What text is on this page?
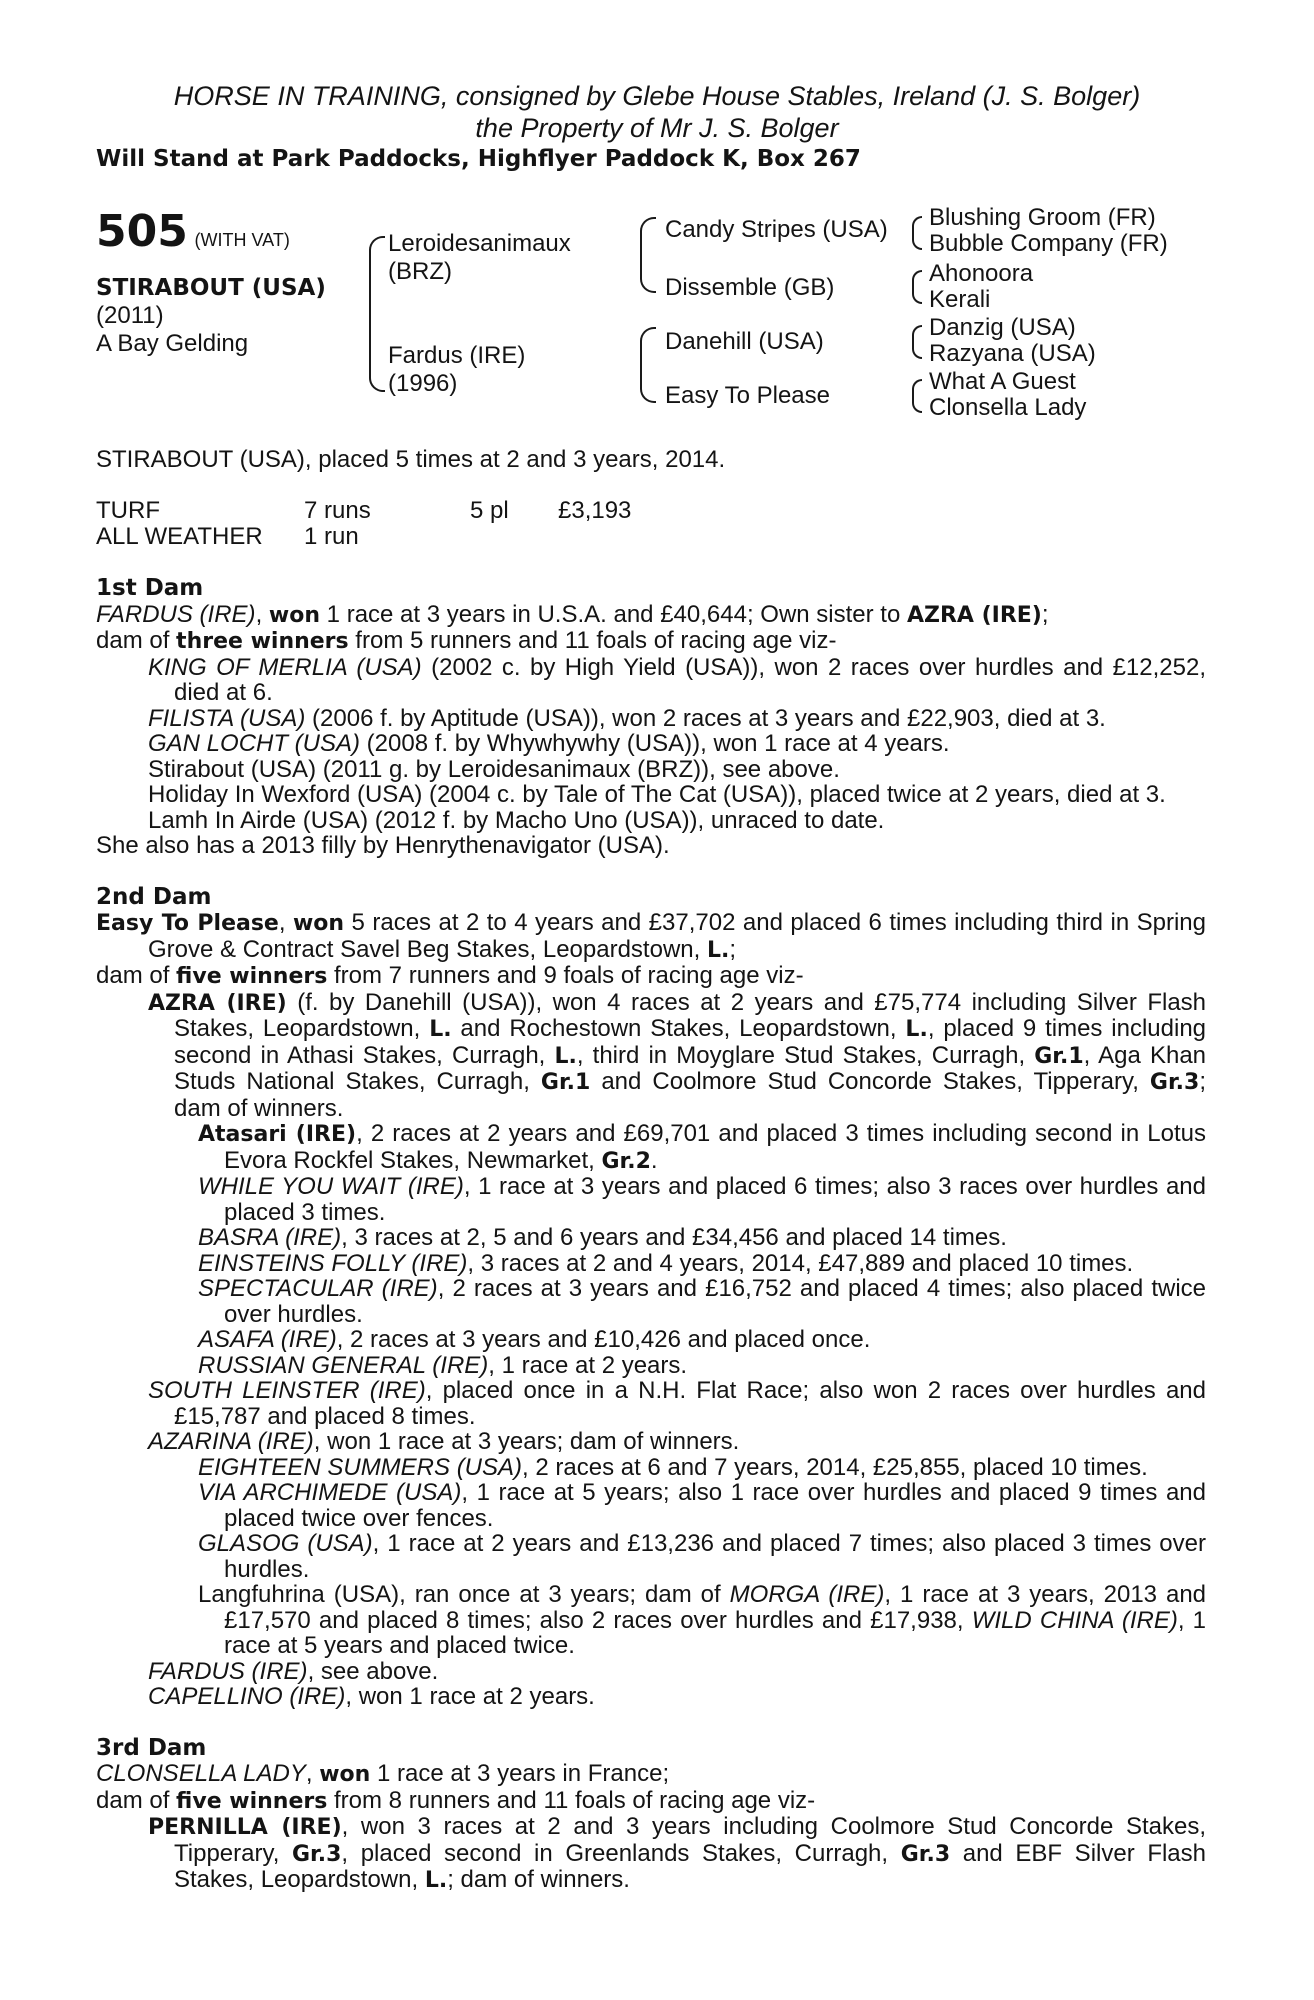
HORSE IN TRAINING, consigned by Glebe House Stables, Ireland (J. S. Bolger)
the Property of Mr J. S. Bolger
Will Stand at Park Paddocks, Highflyer Paddock K, Box 267
505 (WITH VAT)
STIRABOUT (USA)
(2011)
A Bay Gelding
Leroidesanimaux
(BRZ)
Fardus (IRE)
(1996)
Candy Stripes (USA)
Dissemble (GB)
Danehill (USA)
Easy To Please
Blushing Groom (FR)
Bubble Company (FR)
Ahonoora
Kerali
Danzig (USA)
Razyana (USA)
What A Guest
Clonsella Lady
STIRABOUT (USA), placed 5 times at 2 and 3 years, 2014.
TURF	7 runs	5 pl £3,193
ALL WEATHER 1 run
1st Dam

FARDUS (IRE), won 1 race at 3 years in U.S.A. and £40,644; Own sister to AZRA (IRE);

dam of three winners from 5 runners and 11 foals of racing age viz-

KING OF MERLIA (USA) (2002 c. by High Yield (USA)), won 2 races over hurdles and £12,252, died at 6.

FILISTA (USA) (2006 f. by Aptitude (USA)), won 2 races at 3 years and £22,903, died at 3.

GAN LOCHT (USA) (2008 f. by Whywhywhy (USA)), won 1 race at 4 years.

Stirabout (USA) (2011 g. by Leroidesanimaux (BRZ)), see above.

Holiday In Wexford (USA) (2004 c. by Tale of The Cat (USA)), placed twice at 2 years, died at 3.

Lamh In Airde (USA) (2012 f. by Macho Uno (USA)), unraced to date.

She also has a 2013 filly by Henrythenavigator (USA).

2nd Dam

Easy To Please, won 5 races at 2 to 4 years and £37,702 and placed 6 times including third in Spring Grove & Contract Savel Beg Stakes, Leopardstown, L.;

dam of five winners from 7 runners and 9 foals of racing age viz-

AZRA (IRE) (f. by Danehill (USA)), won 4 races at 2 years and £75,774 including Silver Flash Stakes, Leopardstown, L. and Rochestown Stakes, Leopardstown, L., placed 9 times including second in Athasi Stakes, Curragh, L., third in Moyglare Stud Stakes, Curragh, Gr.1, Aga Khan Studs National Stakes, Curragh, Gr.1 and Coolmore Stud Concorde Stakes, Tipperary, Gr.3; dam of winners.

Atasari (IRE), 2 races at 2 years and £69,701 and placed 3 times including second in Lotus Evora Rockfel Stakes, Newmarket, Gr.2.

WHILE YOU WAIT (IRE), 1 race at 3 years and placed 6 times; also 3 races over hurdles and placed 3 times.

BASRA (IRE), 3 races at 2, 5 and 6 years and £34,456 and placed 14 times.

EINSTEINS FOLLY (IRE), 3 races at 2 and 4 years, 2014, £47,889 and placed 10 times.

SPECTACULAR (IRE), 2 races at 3 years and £16,752 and placed 4 times; also placed twice over hurdles.

ASAFA (IRE), 2 races at 3 years and £10,426 and placed once.

RUSSIAN GENERAL (IRE), 1 race at 2 years.

SOUTH LEINSTER (IRE), placed once in a N.H. Flat Race; also won 2 races over hurdles and £15,787 and placed 8 times.

AZARINA (IRE), won 1 race at 3 years; dam of winners.

EIGHTEEN SUMMERS (USA), 2 races at 6 and 7 years, 2014, £25,855, placed 10 times.

VIA ARCHIMEDE (USA), 1 race at 5 years; also 1 race over hurdles and placed 9 times and placed twice over fences.

GLASOG (USA), 1 race at 2 years and £13,236 and placed 7 times; also placed 3 times over hurdles.

Langfuhrina (USA), ran once at 3 years; dam of MORGA (IRE), 1 race at 3 years, 2013 and £17,570 and placed 8 times; also 2 races over hurdles and £17,938, WILD CHINA (IRE), 1 race at 5 years and placed twice.

FARDUS (IRE), see above.

CAPELLINO (IRE), won 1 race at 2 years.

3rd Dam

CLONSELLA LADY, won 1 race at 3 years in France;

dam of five winners from 8 runners and 11 foals of racing age viz-

PERNILLA (IRE), won 3 races at 2 and 3 years including Coolmore Stud Concorde Stakes, Tipperary, Gr.3, placed second in Greenlands Stakes, Curragh, Gr.3 and EBF Silver Flash Stakes, Leopardstown, L.; dam of winners.
